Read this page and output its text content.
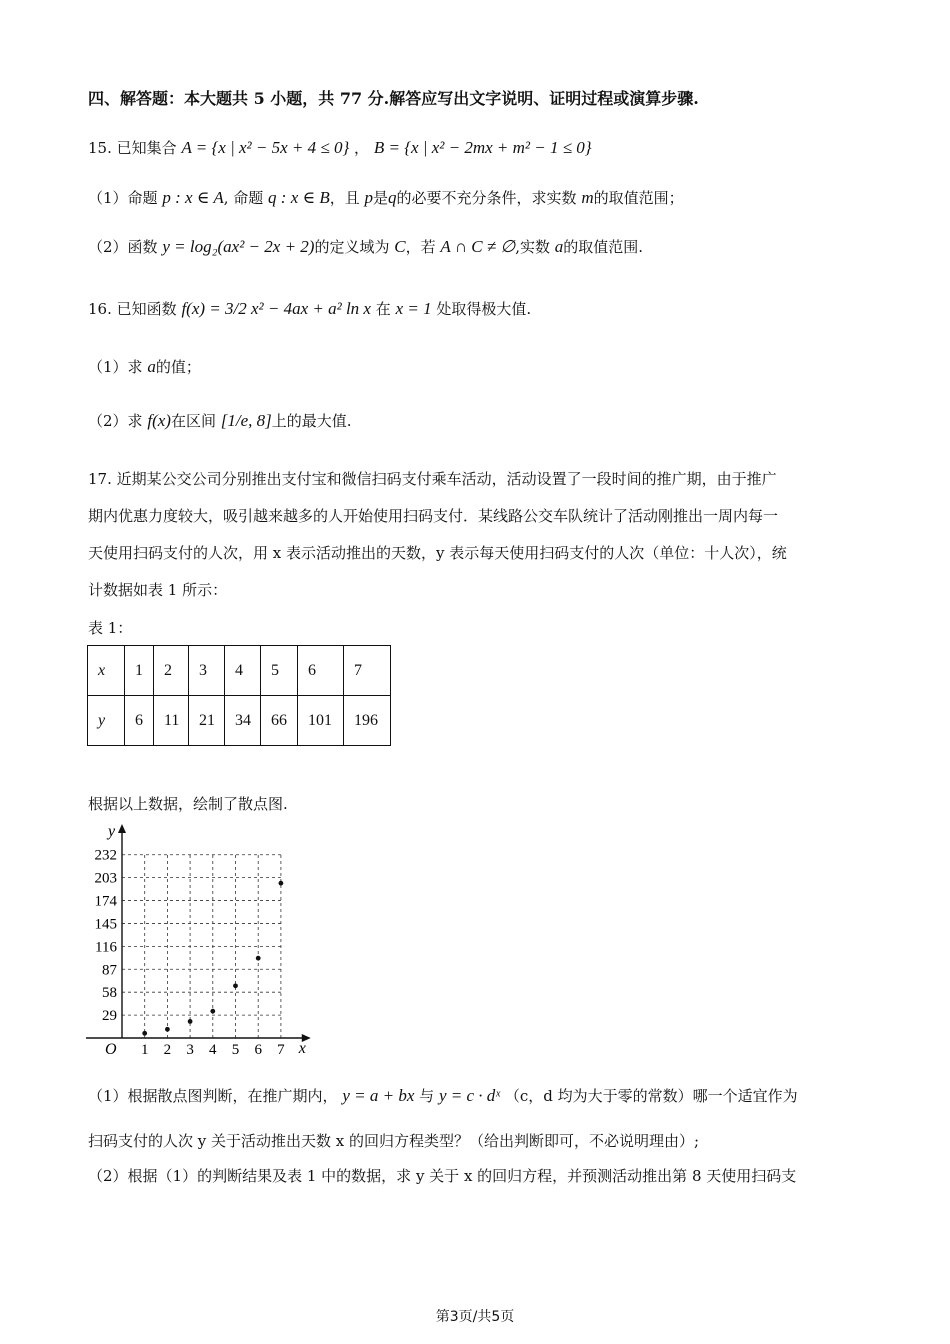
四、解答题：本大题共 5 小题，共 77 分.解答应写出文字说明、证明过程或演算步骤.
15. 已知集合 A = {x | x² − 5x + 4 ≤ 0} ， B = {x | x² − 2mx + m² − 1 ≤ 0}
（1）命题 p : x ∈ A, 命题 q : x ∈ B，且 p是q的必要不充分条件，求实数 m的取值范围；
（2）函数 y = log₂(ax² − 2x + 2)的定义域为 C，若 A ∩ C ≠ ∅,实数 a的取值范围.
16. 已知函数 f(x) = 3/2 x² − 4ax + a² ln x 在 x = 1 处取得极大值.
（1）求 a的值；
（2）求 f(x)在区间 [1/e, 8]上的最大值.
17. 近期某公交公司分别推出支付宝和微信扫码支付乘车活动，活动设置了一段时间的推广期，由于推广
期内优惠力度较大，吸引越来越多的人开始使用扫码支付．某线路公交车队统计了活动刚推出一周内每一
天使用扫码支付的人次，用 x 表示活动推出的天数，y 表示每天使用扫码支付的人次（单位：十人次），统
计数据如表 1 所示：
表 1：
x	1	2	3	4	5	6	7
y	6	11	21	34	66	101	196
根据以上数据，绘制了散点图.
x
y
O 1 2 3 4 5 6 7
29
58
87
116
145
174
203
232
（1）根据散点图判断，在推广期内， y = a + bx 与 y = c · dˣ （c，d 均为大于零的常数）哪一个适宜作为
扫码支付的人次 y 关于活动推出天数 x 的回归方程类型？（给出判断即可，不必说明理由）;
（2）根据（1）的判断结果及表 1 中的数据，求 y 关于 x 的回归方程，并预测活动推出第 8 天使用扫码支
第3页/共5页
